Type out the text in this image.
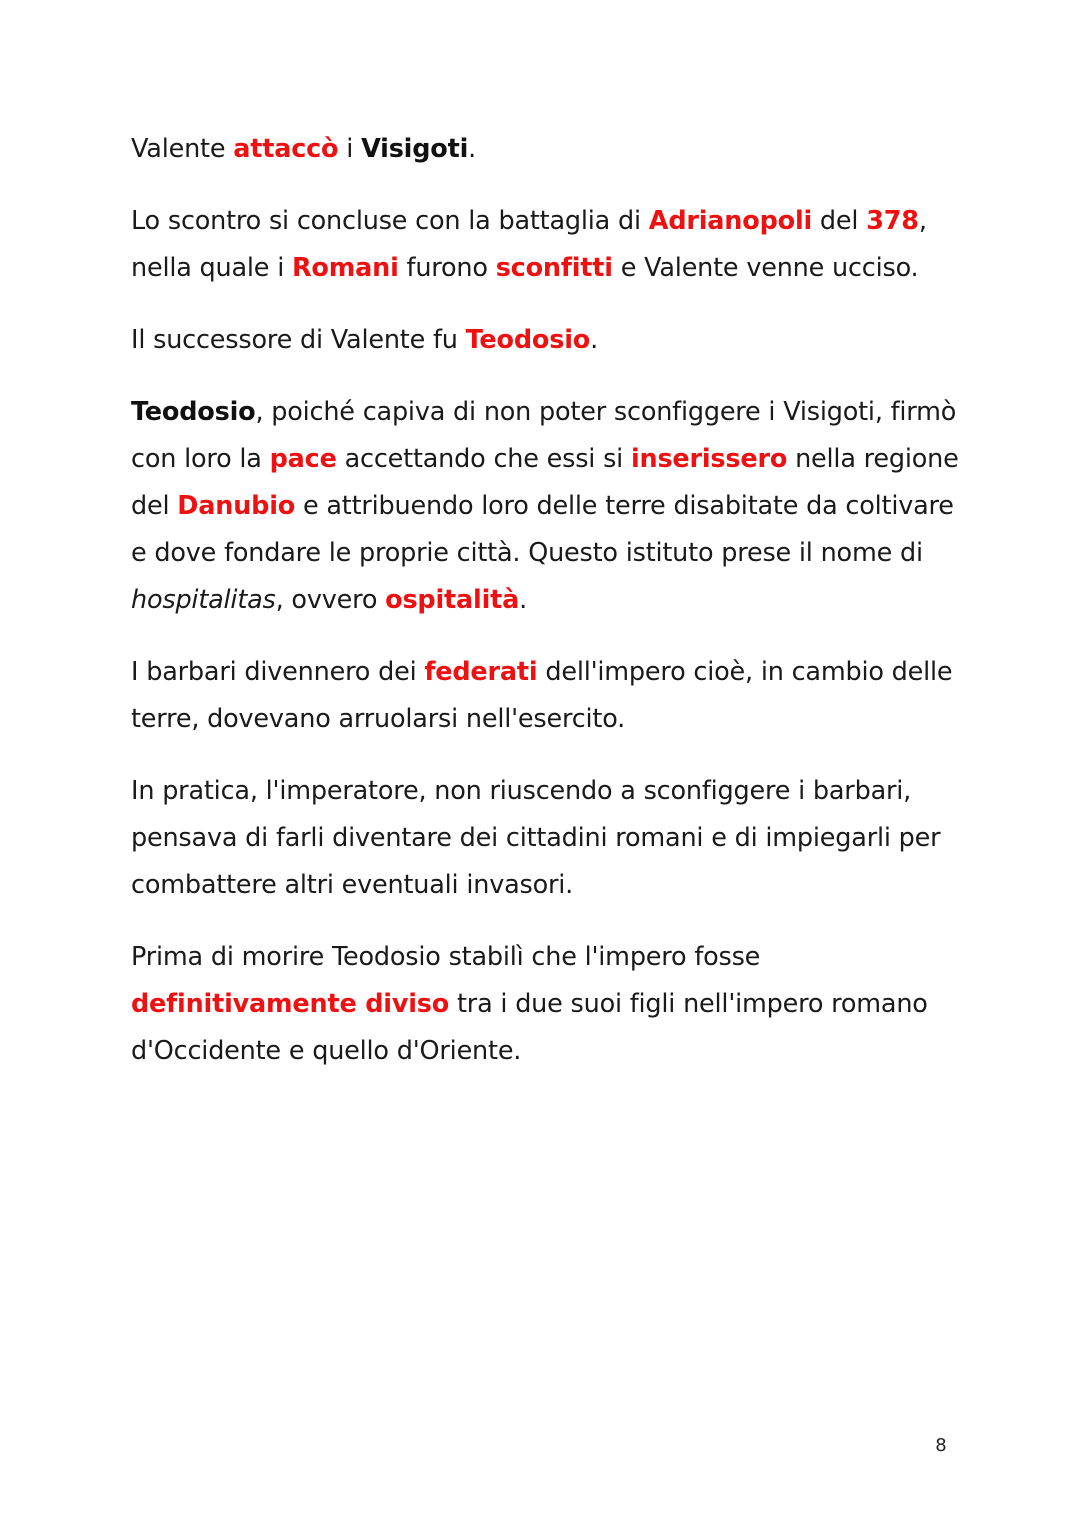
Valente attaccò i Visigoti.

Lo scontro si concluse con la battaglia di Adrianopoli del 378, nella quale i Romani furono sconfitti e Valente venne ucciso.

Il successore di Valente fu Teodosio.

Teodosio, poiché capiva di non poter sconfiggere i Visigoti, firmò con loro la pace accettando che essi si inserissero nella regione del Danubio e attribuendo loro delle terre disabitate da coltivare e dove fondare le proprie città. Questo istituto prese il nome di hospitalitas, ovvero ospitalità.

I barbari divennero dei federati dell'impero cioè, in cambio delle terre, dovevano arruolarsi nell'esercito.

In pratica, l'imperatore, non riuscendo a sconfiggere i barbari, pensava di farli diventare dei cittadini romani e di impiegarli per combattere altri eventuali invasori.

Prima di morire Teodosio stabilì che l'impero fosse definitivamente diviso tra i due suoi figli nell'impero romano d'Occidente e quello d'Oriente.

8
